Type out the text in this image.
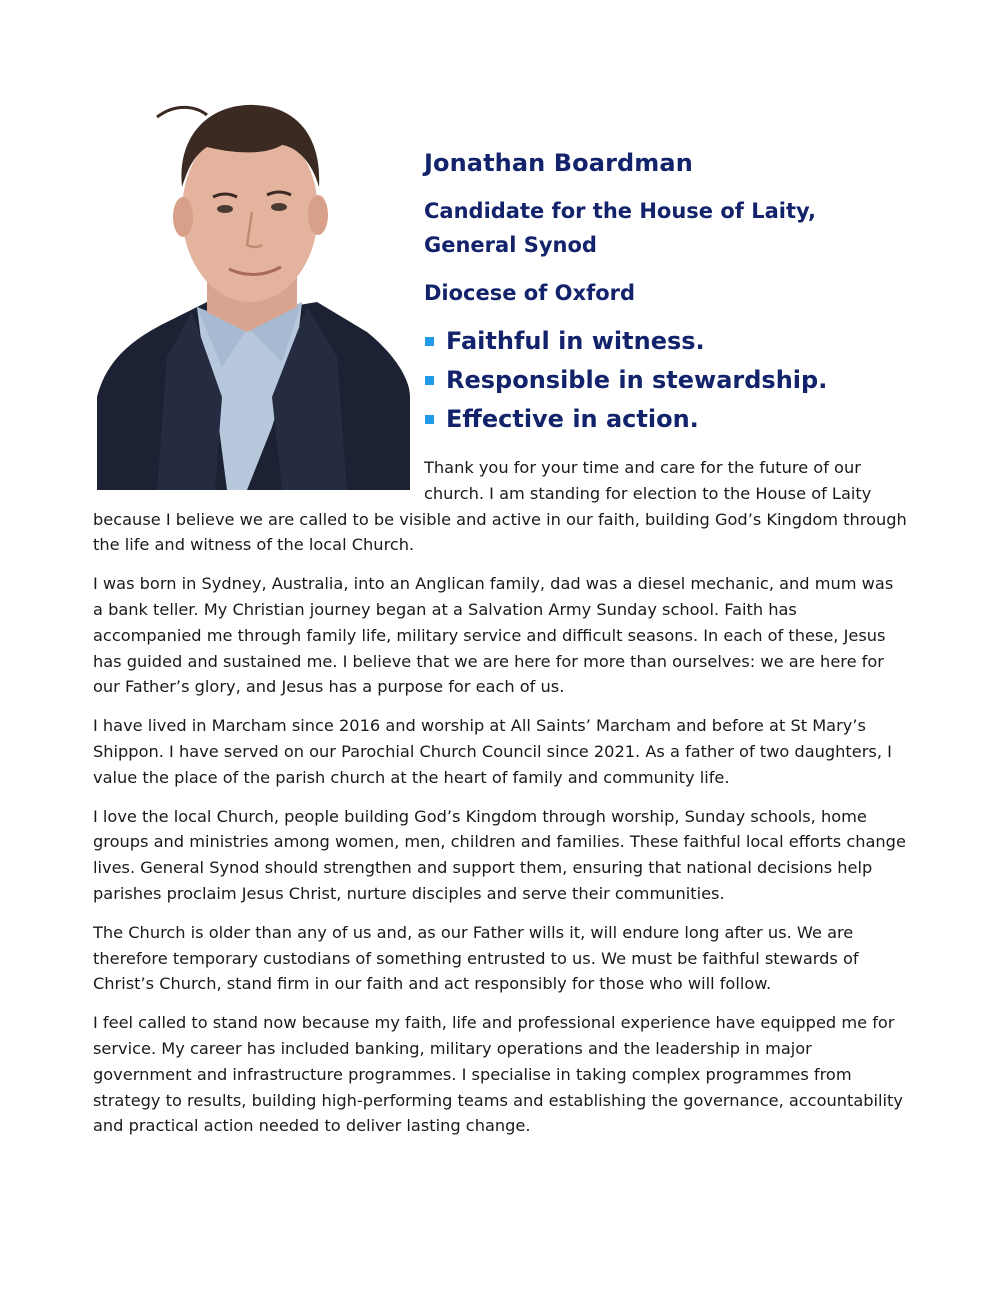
Jonathan Boardman
Candidate for the House of Laity,
General Synod
Diocese of Oxford
Faithful in witness.
Responsible in stewardship.
Effective in action.

Thank you for your time and care for the future of our
church. I am standing for election to the House of Laity
because I believe we are called to be visible and active in our faith, building God’s Kingdom through the life and witness of the local Church.

I was born in Sydney, Australia, into an Anglican family, dad was a diesel mechanic, and mum was a bank teller. My Christian journey began at a Salvation Army Sunday school. Faith has accompanied me through family life, military service and difficult seasons. In each of these, Jesus has guided and sustained me. I believe that we are here for more than ourselves: we are here for our Father’s glory, and Jesus has a purpose for each of us.

I have lived in Marcham since 2016 and worship at All Saints’ Marcham and before at St Mary’s Shippon. I have served on our Parochial Church Council since 2021. As a father of two daughters, I value the place of the parish church at the heart of family and community life.

I love the local Church, people building God’s Kingdom through worship, Sunday schools, home groups and ministries among women, men, children and families. These faithful local efforts change lives. General Synod should strengthen and support them, ensuring that national decisions help parishes proclaim Jesus Christ, nurture disciples and serve their communities.

The Church is older than any of us and, as our Father wills it, will endure long after us. We are therefore temporary custodians of something entrusted to us. We must be faithful stewards of Christ’s Church, stand firm in our faith and act responsibly for those who will follow.

I feel called to stand now because my faith, life and professional experience have equipped me for service. My career has included banking, military operations and the leadership in major government and infrastructure programmes. I specialise in taking complex programmes from strategy to results, building high-performing teams and establishing the governance, accountability and practical action needed to deliver lasting change.
